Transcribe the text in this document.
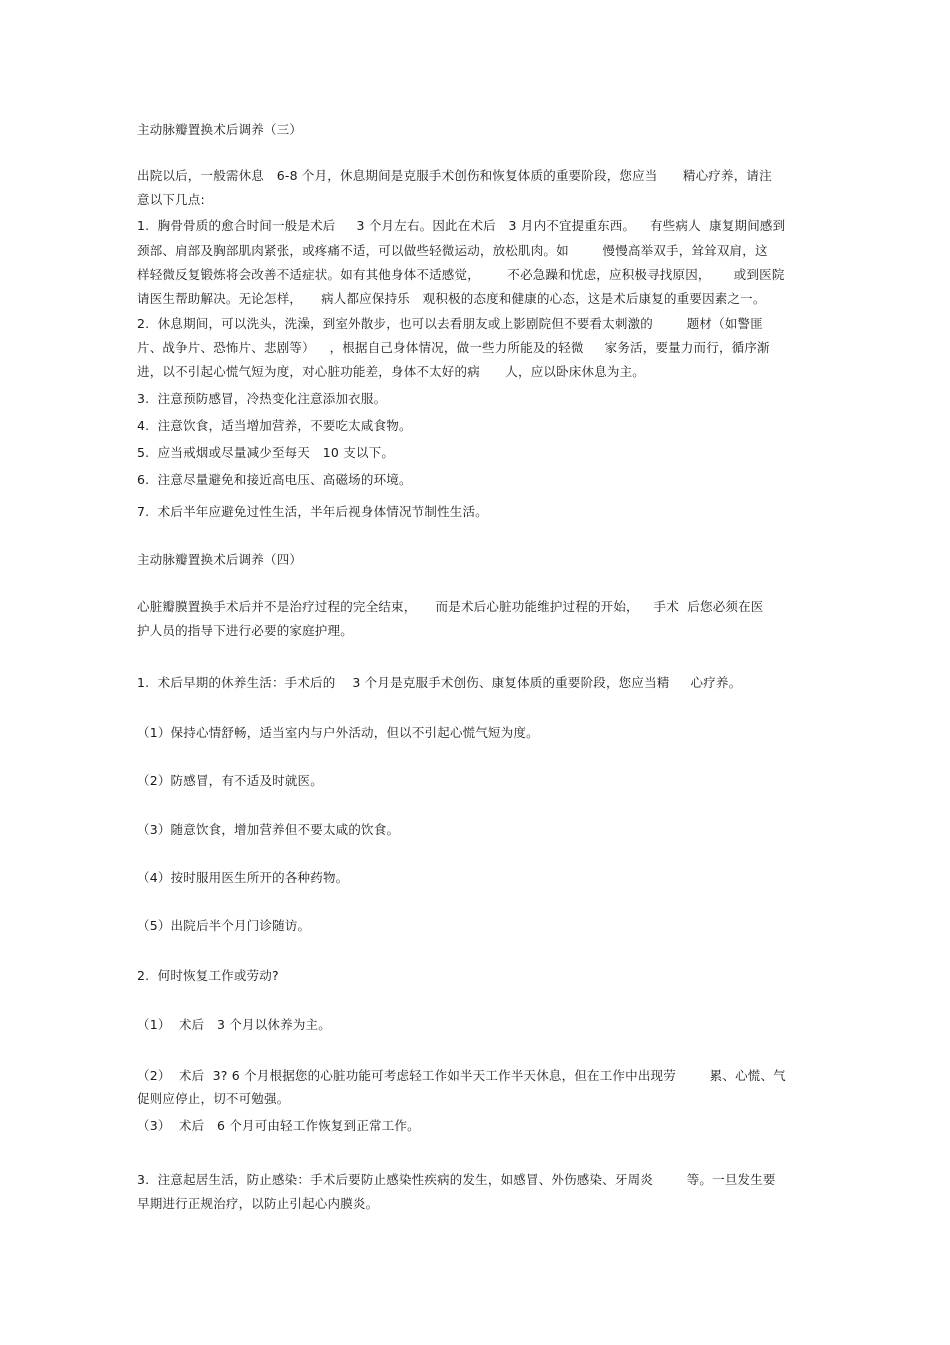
主动脉瓣置换术后调养（三）
出院以后，一般需休息　6-8 个月，休息期间是克服手术创伤和恢复体质的重要阶段，您应当　　精心疗养，请注
意以下几点:
1.  胸骨骨质的愈合时间一般是术后　  3 个月左右。因此在术后　3 月内不宜提重东西。　  有些病人  康复期间感到
颈部、肩部及胸部肌肉紧张，或疼痛不适，可以做些轻微运动，放松肌肉。如　　  慢慢高举双手，耸耸双肩，这
样轻微反复锻炼将会改善不适症状。如有其他身体不适感觉，　　  不必急躁和忧虑，应积极寻找原因，　    或到医院
请医生帮助解决。无论怎样，　   病人都应保持乐　观积极的态度和健康的心态，这是术后康复的重要因素之一。
2.  休息期间，可以洗头，洗澡，到室外散步，也可以去看朋友或上影剧院但不要看太刺激的　　  题材（如警匪
片、战争片、恐怖片、悲剧等）　  ，根据自己身体情况，做一些力所能及的轻微　  家务活，要量力而行，循序渐
进，以不引起心慌气短为度，对心脏功能差，身体不太好的病　　人，应以卧床休息为主。
3.  注意预防感冒，冷热变化注意添加衣服。
4.  注意饮食，适当增加营养，不要吃太咸食物。
5.  应当戒烟或尽量减少至每天　10 支以下。
6.  注意尽量避免和接近高电压、高磁场的环境。
7.  术后半年应避免过性生活，半年后视身体情况节制性生活。
主动脉瓣置换术后调养（四）
心脏瓣膜置换手术后并不是治疗过程的完全结束，　　而是术后心脏功能维护过程的开始，　  手术  后您必须在医
护人员的指导下进行必要的家庭护理。
1.  术后早期的休养生活：手术后的　 3 个月是克服手术创伤、康复体质的重要阶段，您应当精　  心疗养。
（1）保持心情舒畅，适当室内与户外活动，但以不引起心慌气短为度。
（2）防感冒，有不适及时就医。
（3）随意饮食，增加营养但不要太咸的饮食。
（4）按时服用医生所开的各种药物。
（5）出院后半个月门诊随访。
2.  何时恢复工作或劳动?
（1）  术后　3 个月以休养为主。
（2）  术后  3? 6 个月根据您的心脏功能可考虑轻工作如半天工作半天休息，但在工作中出现劳　　  累、心慌、气
促则应停止，切不可勉强。
（3）  术后　6 个月可由轻工作恢复到正常工作。
3.  注意起居生活，防止感染：手术后要防止感染性疾病的发生，如感冒、外伤感染、牙周炎　　  等。一旦发生要
早期进行正规治疗，以防止引起心内膜炎。
